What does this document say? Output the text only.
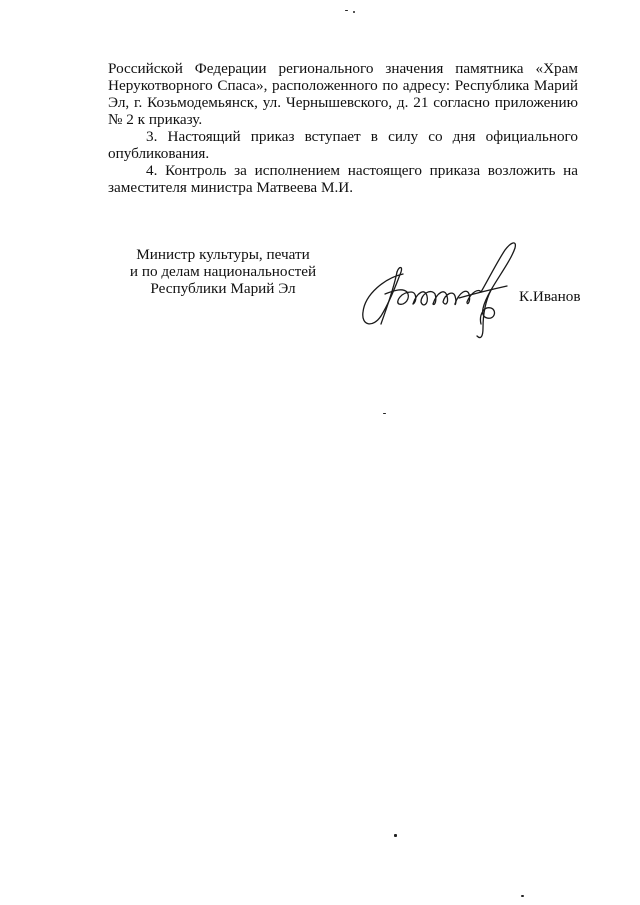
Российской Федерации регионального значения памятника «Храм Нерукотворного Спаса», расположенного по адресу: Республика Марий Эл, г. Козьмодемьянск, ул. Чернышевского, д. 21 согласно приложению № 2 к приказу.

3. Настоящий приказ вступает в силу со дня официального опубликования.

4. Контроль за исполнением настоящего приказа возложить на заместителя министра Матвеева М.И.

Министр культуры, печати
и по делам национальностей
Республики Марий Эл	К.Иванов
